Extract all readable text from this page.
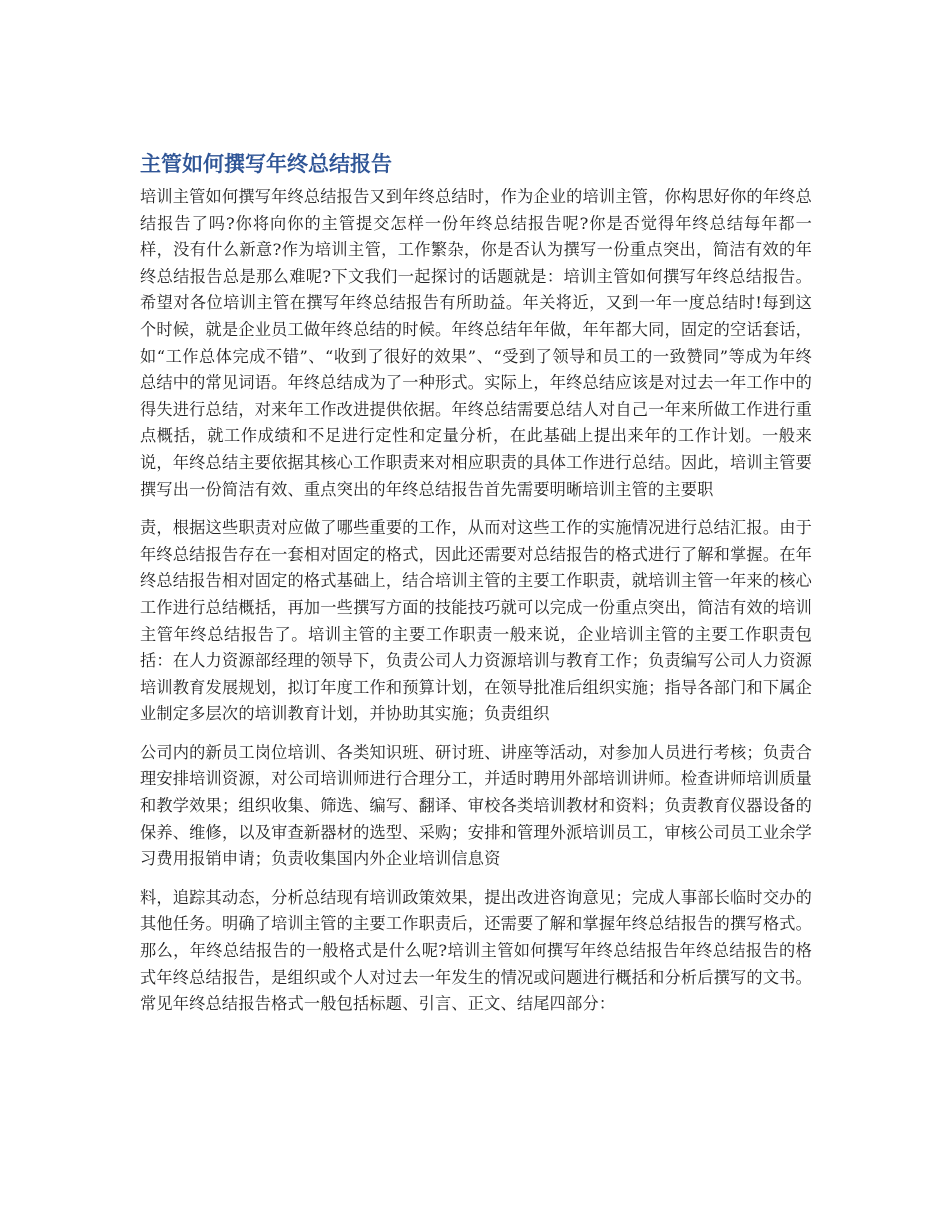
主管如何撰写年终总结报告

培训主管如何撰写年终总结报告又到年终总结时，作为企业的培训主管，你构思好你的年终总结报告了吗?你将向你的主管提交怎样一份年终总结报告呢?你是否觉得年终总结每年都一样，没有什么新意?作为培训主管，工作繁杂，你是否认为撰写一份重点突出，简洁有效的年终总结报告总是那么难呢?下文我们一起探讨的话题就是：培训主管如何撰写年终总结报告。希望对各位培训主管在撰写年终总结报告有所助益。年关将近，又到一年一度总结时!每到这个时候，就是企业员工做年终总结的时候。年终总结年年做，年年都大同，固定的空话套话，如“工作总体完成不错”、“收到了很好的效果”、“受到了领导和员工的一致赞同”等成为年终总结中的常见词语。年终总结成为了一种形式。实际上，年终总结应该是对过去一年工作中的得失进行总结，对来年工作改进提供依据。年终总结需要总结人对自己一年来所做工作进行重点概括，就工作成绩和不足进行定性和定量分析，在此基础上提出来年的工作计划。一般来说，年终总结主要依据其核心工作职责来对相应职责的具体工作进行总结。因此，培训主管要撰写出一份简洁有效、重点突出的年终总结报告首先需要明晰培训主管的主要职

责，根据这些职责对应做了哪些重要的工作，从而对这些工作的实施情况进行总结汇报。由于年终总结报告存在一套相对固定的格式，因此还需要对总结报告的格式进行了解和掌握。在年终总结报告相对固定的格式基础上，结合培训主管的主要工作职责，就培训主管一年来的核心工作进行总结概括，再加一些撰写方面的技能技巧就可以完成一份重点突出，简洁有效的培训主管年终总结报告了。培训主管的主要工作职责一般来说，企业培训主管的主要工作职责包括：在人力资源部经理的领导下，负责公司人力资源培训与教育工作；负责编写公司人力资源培训教育发展规划，拟订年度工作和预算计划，在领导批准后组织实施；指导各部门和下属企业制定多层次的培训教育计划，并协助其实施；负责组织

公司内的新员工岗位培训、各类知识班、研讨班、讲座等活动，对参加人员进行考核；负责合理安排培训资源，对公司培训师进行合理分工，并适时聘用外部培训讲师。检查讲师培训质量和教学效果；组织收集、筛选、编写、翻译、审校各类培训教材和资料；负责教育仪器设备的保养、维修，以及审查新器材的选型、采购；安排和管理外派培训员工，审核公司员工业余学习费用报销申请；负责收集国内外企业培训信息资

料，追踪其动态，分析总结现有培训政策效果，提出改进咨询意见；完成人事部长临时交办的其他任务。明确了培训主管的主要工作职责后，还需要了解和掌握年终总结报告的撰写格式。那么，年终总结报告的一般格式是什么呢?培训主管如何撰写年终总结报告年终总结报告的格式年终总结报告，是组织或个人对过去一年发生的情况或问题进行概括和分析后撰写的文书。常见年终总结报告格式一般包括标题、引言、正文、结尾四部分：
